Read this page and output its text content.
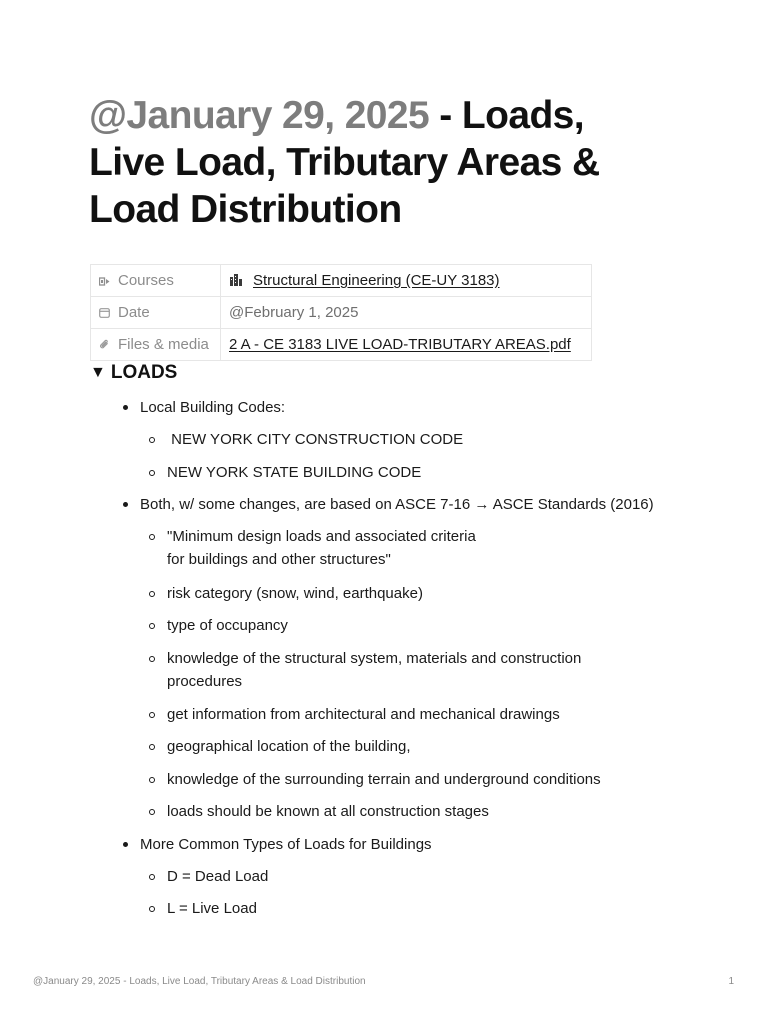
@January 29, 2025 - Loads, Live Load, Tributary Areas & Load Distribution
Courses	Structural Engineering (CE-UY 3183)

Date	@February 1, 2025

Files & media	2 A - CE 3183 LIVE LOAD-TRIBUTARY AREAS.pdf
▼ LOADS
Local Building Codes:
NEW YORK CITY CONSTRUCTION CODE
NEW YORK STATE BUILDING CODE
Both, w/ some changes, are based on ASCE 7-16 → ASCE Standards (2016)
"Minimum design loads and associated criteria
for buildings and other structures"
risk category (snow, wind, earthquake)
type of occupancy
knowledge of the structural system, materials and construction
procedures
get information from architectural and mechanical drawings
geographical location of the building,
knowledge of the surrounding terrain and underground conditions
loads should be known at all construction stages
More Common Types of Loads for Buildings
D = Dead Load
L = Live Load
@January 29, 2025 - Loads, Live Load, Tributary Areas & Load Distribution	1
